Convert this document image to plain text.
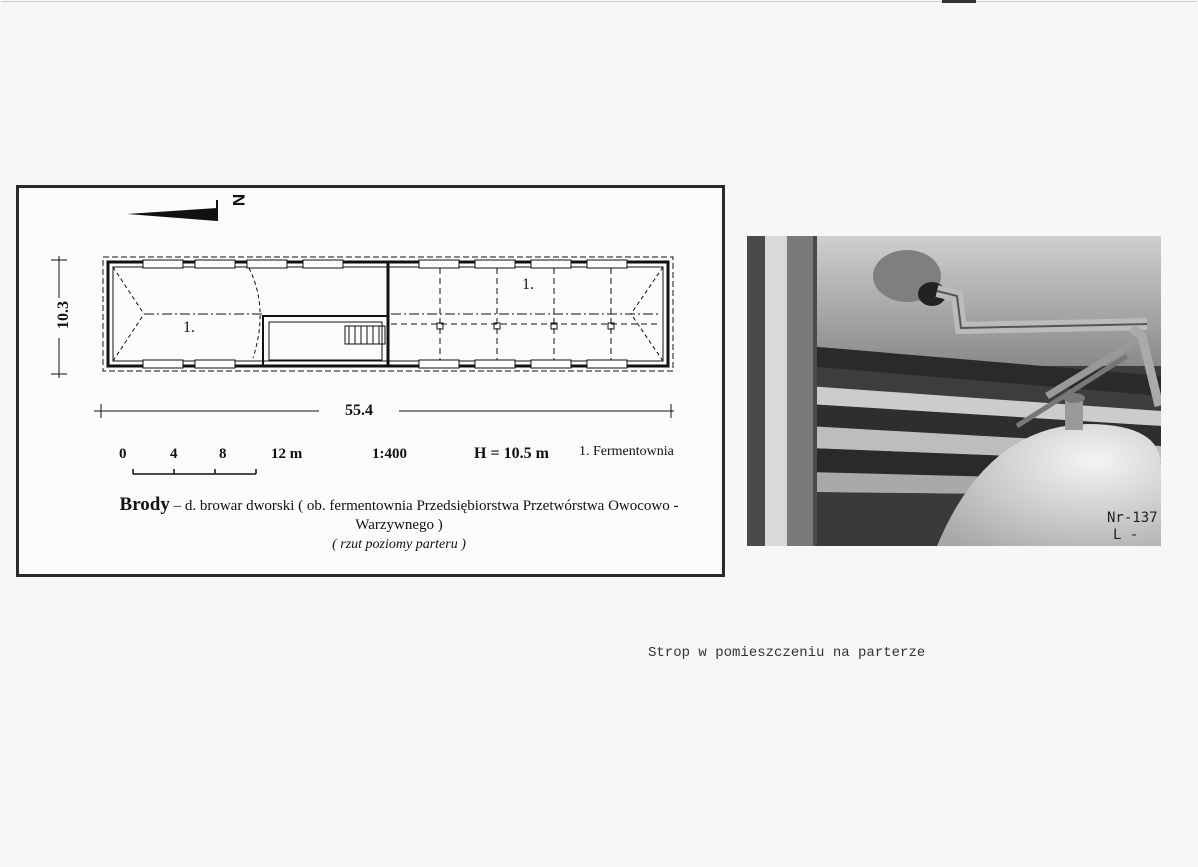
N
10.3
55.4
1.
1.
0	4	8	12 m	1:400	H = 10.5 m 1. Fermentownia
Brody – d. browar dworski ( ob. fermentownia Przedsiębiorstwa Przetwórstwa Owocowo -
Warzywnego )
( rzut poziomy parteru )
Nr-137
L -
Strop w pomieszczeniu na parterze
